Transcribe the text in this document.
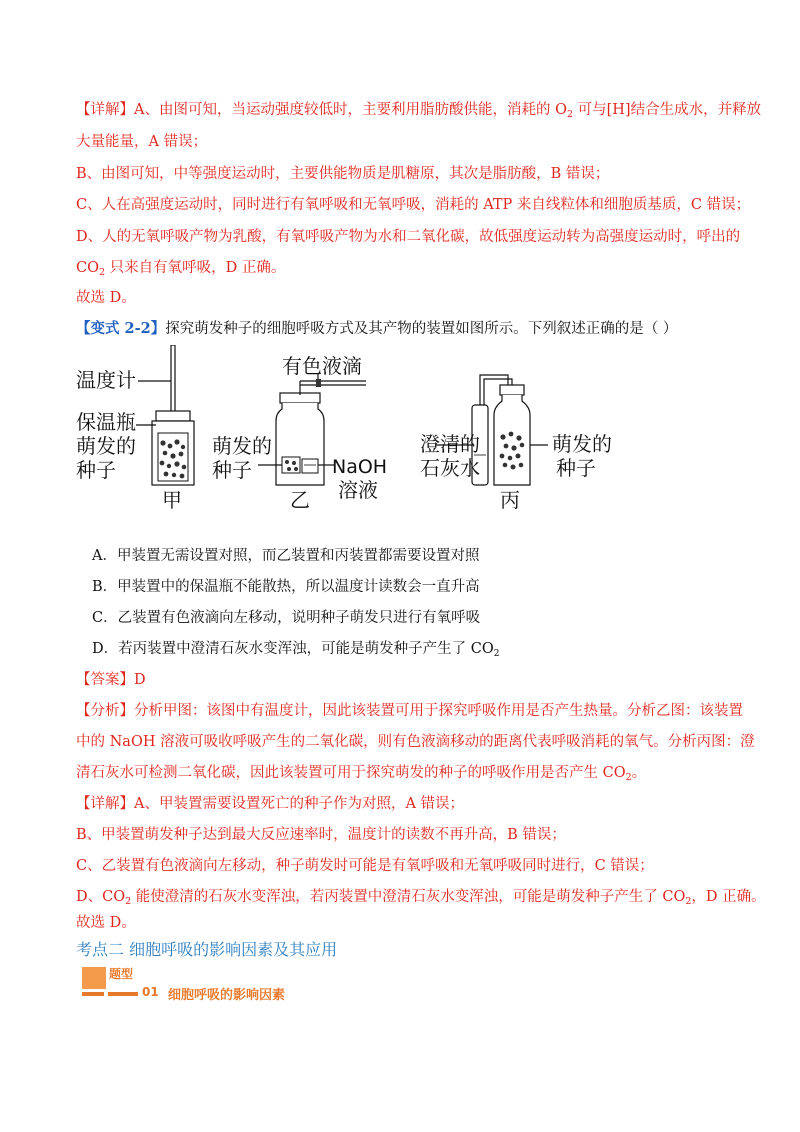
【详解】A、由图可知，当运动强度较低时，主要利用脂肪酸供能，消耗的 $O_2$ 可与[H]结合生成水，并释放
大量能量，A 错误；
B、由图可知，中等强度运动时，主要供能物质是肌糖原，其次是脂肪酸，B 错误；
C、人在高强度运动时，同时进行有氧呼吸和无氧呼吸，消耗的 ATP 来自线粒体和细胞质基质，C 错误；
D、人的无氧呼吸产物为乳酸，有氧呼吸产物为水和二氧化碳，故低强度运动转为高强度运动时，呼出的
$CO_2$ 只来自有氧呼吸，D 正确。
故选 D。
【变式 2-2】探究萌发种子的细胞呼吸方式及其产物的装置如图所示。下列叙述正确的是（ ）
温度计
保温瓶
萌发的
种子
甲
有色液滴
萌发的
种子	NaOH
溶液
乙
澄清的
石灰水
萌发的
种子
丙
A．甲装置无需设置对照，而乙装置和丙装置都需要设置对照
B．甲装置中的保温瓶不能散热，所以温度计读数会一直升高
C．乙装置有色液滴向左移动，说明种子萌发只进行有氧呼吸
D．若丙装置中澄清石灰水变浑浊，可能是萌发种子产生了 $CO_2$
【答案】D
【分析】分析甲图：该图中有温度计，因此该装置可用于探究呼吸作用是否产生热量。分析乙图：该装置
中的 NaOH 溶液可吸收呼吸产生的二氧化碳，则有色液滴移动的距离代表呼吸消耗的氧气。分析丙图：澄
清石灰水可检测二氧化碳，因此该装置可用于探究萌发的种子的呼吸作用是否产生 $CO_2$。
【详解】A、甲装置需要设置死亡的种子作为对照，A 错误；
B、甲装置萌发种子达到最大反应速率时，温度计的读数不再升高，B 错误；
C、乙装置有色液滴向左移动，种子萌发时可能是有氧呼吸和无氧呼吸同时进行，C 错误；
D、$CO_2$ 能使澄清的石灰水变浑浊，若丙装置中澄清石灰水变浑浊，可能是萌发种子产生了 $CO_2$，D 正确。
故选 D。
考点二 细胞呼吸的影响因素及其应用
题型
01 细胞呼吸的影响因素
